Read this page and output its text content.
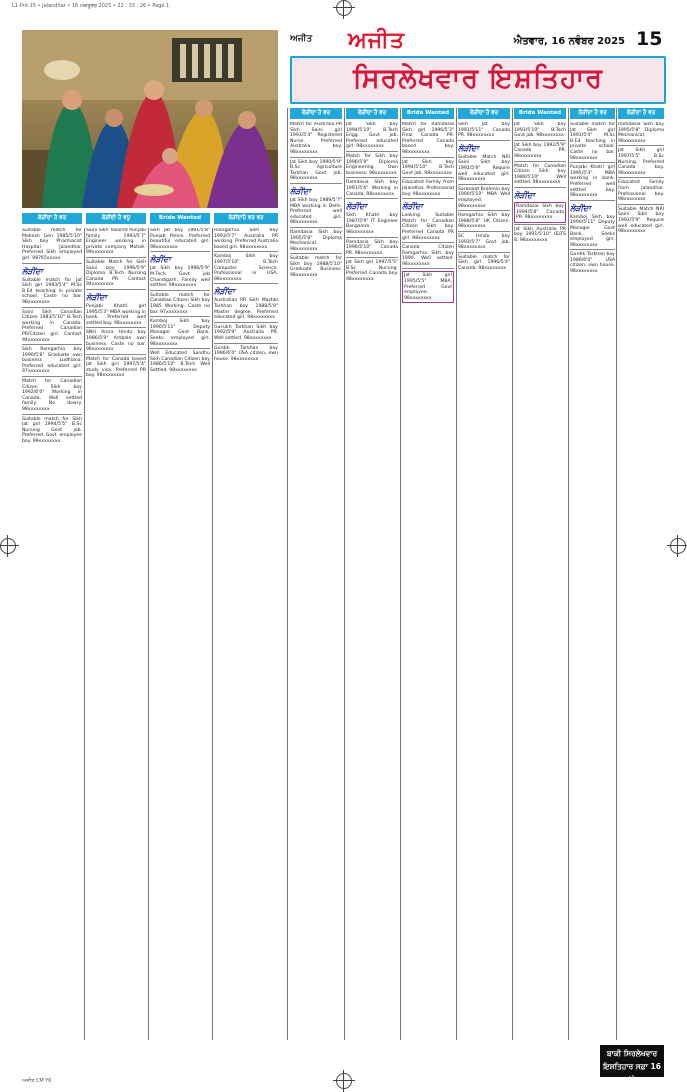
L1-Pnt-15 • Jalandhar • 16 ਅਕਤੂਬਰ 2025 • 22 : 33 : 26 • Page 1
ਅਜੀਤ ਅਜੀਤ	ਐਤਵਾਰ, 16 ਨਵੰਬਰ 2025 15
ਸਿਰਲੇਖਵਾਰ ਇਸ਼ਤਿਹਾਰ
ਲੋੜੀਂਦਾ ਹੈ ਵਰ	ਲੋੜੀਂਦਾ ਹੈ ਵਰ	Bride Wanted	ਲੋੜੀਂਦਾ ਹੈ ਵਰ	Bride Wanted	ਲੋੜੀਂਦਾ ਹੈ ਵਰ	ਲੋੜੀਂਦਾ ਹੈ ਵਰ
ਲੋੜੀਂਦਾ ਹੈ ਵਰ	ਲੋੜੀਂਦੀ ਹੈ ਵਧੂ	Bride Wanted	ਲੋੜੀਂਦਾਹੈ ਵਰ ਵਰ
Suitable match for Mahesh Gen 1985/5'10" Sikh boy Pharmacist Hospital Jalandhar. Preferred Sikh employed girl. 98765xxxxx
ਲੋੜੀਂਦਾ
Suitable match for Jat Sikh girl 1993/5'4" M.Sc B.Ed teaching in private school. Caste no bar. 98xxxxxxxx
Saini Sikh Canadian Citizen 1983/5'10" B.Tech working in Canada. Preferred Canadian PR/Citizen girl. Contact 94xxxxxxxx
Sikh Ramgarhia boy 1990/5'8" Graduate own business Ludhiana. Preferred educated girl. 97xxxxxxxx
Match for Canadian Citizen Sikh boy 1992/6'0" Working in Canada. Well settled family. No dowry. 98xxxxxxxx
Suitable match for Sikh Jat girl 1994/5'5" B.Sc Nursing Govt job. Preferred Govt employee boy. 99xxxxxxxx
Saini Sikh Tailored Punjabi family 1993/5'7" Engineer working in private company Mohali. 99xxxxxxxx
Suitable Match for Sikh Saini boy 1996/5'9" Diploma B.Tech Nursing Canada PR. Contact 94xxxxxxxx
ਲੋੜੀਂਦਾ
Punjabi Khatri girl 1995/5'3" MBA working in bank. Preferred well settled boy. 98xxxxxxxx
SNH Arora Hindu boy 1986/5'9" Ambala own business. Caste no bar. 98xxxxxxxx
Match for Canada based Jat Sikh girl 1997/5'4" study visa. Preferred PR boy. 98xxxxxxxx
Sikh Jat boy 1991/5'8" Punjab Police. Preferred beautiful educated girl. 98xxxxxxxx
ਲੋੜੀਂਦਾ
Jat Sikh boy 1996/5'9" M.Tech Govt job Chandigarh. Family well settled. 98xxxxxxxx
Suitable match for Canadian Citizen Sikh boy 1985 Working. Caste no bar. 97xxxxxxxx
Kamboj Sikh boy 1990/5'11" Deputy Manager Govt Bank. Seeks employed girl. 98xxxxxxxx
Well Educated Sandhu Sikh Canadian Citizen boy 1986/5'10" B.Tech Well Settled. 98xxxxxxxx
Ramgarhia Sikh boy 1993/5'7" Australia PR working. Preferred Australia based girl. 98xxxxxxxx
Kamboj Sikh boy 1997/5'10" B.Tech Computer Science. Professional in USA. 98xxxxxxxx
ਲੋੜੀਂਦਾ
Australian PR Sikh Mazhbi Tarkhan boy 1988/5'8" Master degree. Preferred educated girl. 98xxxxxxxx
Gursikh Tarkhan Sikh boy 1992/5'9" Australia PR. Well settled. 98xxxxxxxx
Gurdik Tarkhan boy 1986/6'0" USA citizen, own house. 98xxxxxxxx
Match for Australia PR Sikh Saini girl 1993/5'4" Registered Nurse. Preferred Australia boy. 98xxxxxxxx
Jat Sikh boy 1990/5'9" B.Sc Agriculture Tarkhan Govt job. 98xxxxxxxx
ਲੋੜੀਂਦਾ
Jat Sikh boy 1989/5'7" MBA working in Delhi. Preferred well educated girl. 98xxxxxxxx
Ramdasia Sikh boy 1995/5'8" Diploma Mechanical. 98xxxxxxxx
Suitable match for Sikh boy 1988/5'10" Graduate Business. 98xxxxxxxx
Jat Sikh boy 1994/5'10" B.Tech Engg. Govt job. Preferred educated girl. 98xxxxxxxx
Match for Sikh boy 1996/5'9" Diploma Engineering. Own business. 98xxxxxxxx
Ramdasia Sikh boy 1991/5'6" Working in Canada. 98xxxxxxxx
ਲੋੜੀਂਦਾ
Sikh Khatri boy 1987/5'9" IT Engineer Bangalore. 98xxxxxxxx
Ramdasia Sikh boy 1996/5'10" Canada PR. 98xxxxxxxx
Jat Sikh girl 1997/5'5" B.Sc Nursing. Preferred Canada boy. 98xxxxxxxx
Match for Ramdasia Sikh girl 1996/5'3" Final Canada PR. Preferred Canada based boy. 98xxxxxxxx
Jat Sikh boy 1994/5'10" B.Tech Govt job. 98xxxxxxxx
Educated Family from Jalandhar. Professional boy. 98xxxxxxxx
ਲੋੜੀਂਦਾ
Looking Suitable Match for Canadian Citizen Sikh boy. Preferred Canada PR girl. 98xxxxxxxx
Canada Citizen Ramgarhia Sikh boy 1990. Well settled. 98xxxxxxxx
Jat Sikh girl 1995/5'5" MBA. Preferred Govt employee. 98xxxxxxxx
Sikh Jat boy 1991/5'11" Canada PR. 98xxxxxxxx
ਲੋੜੀਂਦਾ
Suitable Match NRI Saini Sikh boy 1992/5'9" Require well educated girl. 98xxxxxxxx
Saraswat Brahmin boy 1990/5'10" MBA Well employed. 98xxxxxxxx
Ramgarhia Sikh boy 1988/5'8" UK Citizen. 98xxxxxxxx
SC Hindu boy 1993/5'7" Govt job. 98xxxxxxxx
Suitable match for Sikh girl 1996/5'4" Canada. 98xxxxxxxx
Jat Sikh boy 1993/5'10" B.Tech Govt job. 98xxxxxxxx
Jat Sikh boy 1992/5'9" Canada PR. 98xxxxxxxx
Match for Canadian Citizen Sikh boy 1989/5'10" Well settled. 98xxxxxxxx
ਲੋੜੀਂਦਾ
Ramdasia Sikh boy 1994/5'8" Canada PR. 98xxxxxxxx
Jat Sikh Australia PR boy 1991/5'10" IELTS 8. 98xxxxxxxx
Suitable match for Jat Sikh girl 1993/5'4" M.Sc B.Ed teaching in private school. Caste no bar. 98xxxxxxxx
Punjabi Khatri girl 1995/5'3" MBA working in bank. Preferred well settled boy. 98xxxxxxxx
ਲੋੜੀਂਦਾ
Kamboj Sikh boy 1990/5'11" Deputy Manager Govt Bank. Seeks employed girl. 98xxxxxxxx
Gurdik Tarkhan boy 1986/6'0" USA citizen, own house. 98xxxxxxxx
Ramdasia Sikh boy 1995/5'8" Diploma Mechanical. 98xxxxxxxx
Jat Sikh girl 1997/5'5" B.Sc Nursing. Preferred Canada boy. 98xxxxxxxx
Educated Family from Jalandhar. Professional boy. 98xxxxxxxx
Suitable Match NRI Saini Sikh boy 1992/5'9" Require well educated girl. 98xxxxxxxx
ਬਾਕੀ ਸਿਰਲੇਖਵਾਰ
ਇਸ਼ਤਿਹਾਰ ਸਫ਼ਾ 16 'ਤੇ
ਅਜੀਤ CM YK
